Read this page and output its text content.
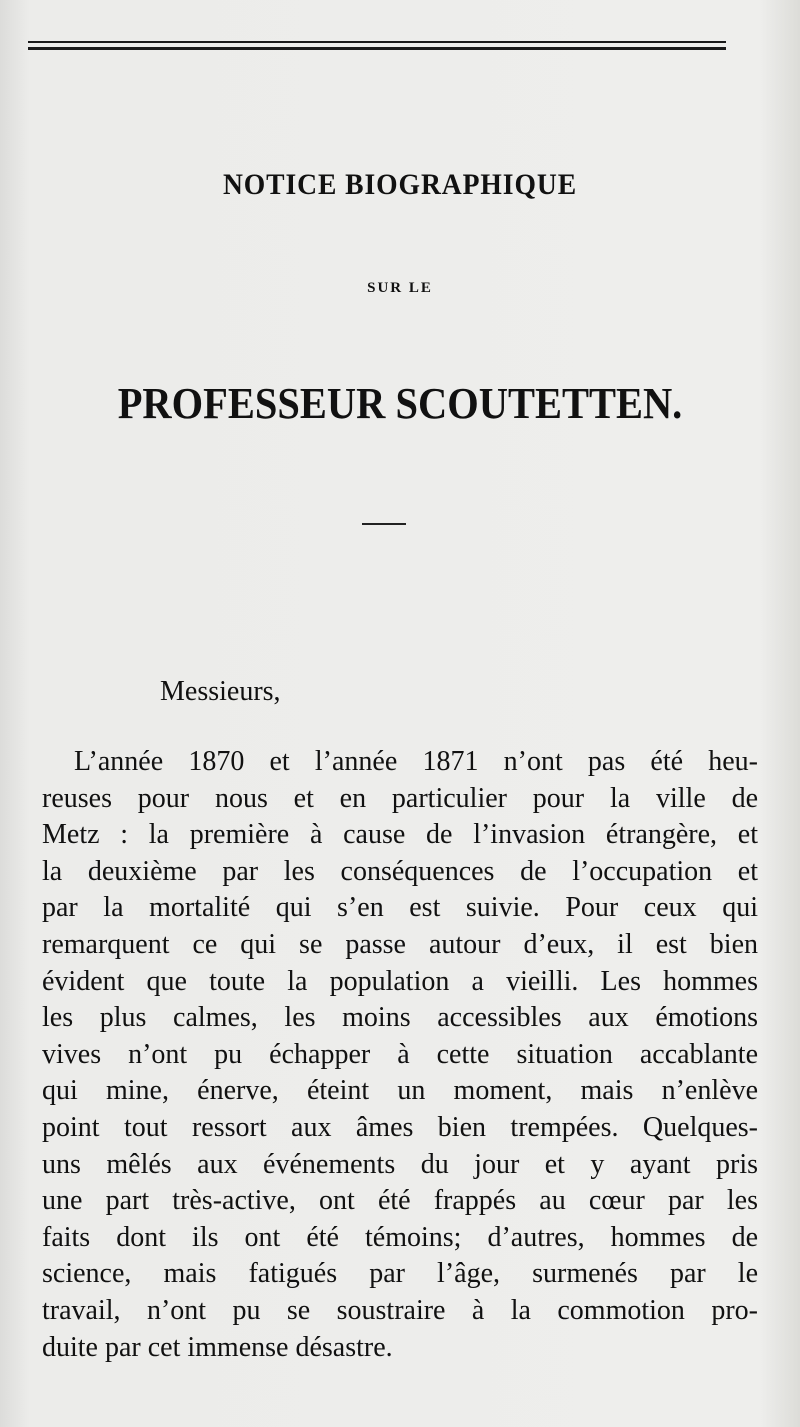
NOTICE BIOGRAPHIQUE
SUR LE
PROFESSEUR SCOUTETTEN.
Messieurs,
L’année 1870 et l’année 1871 n’ont pas été heu-
reuses pour nous et en particulier pour la ville de
Metz : la première à cause de l’invasion étrangère, et
la deuxième par les conséquences de l’occupation et
par la mortalité qui s’en est suivie. Pour ceux qui
remarquent ce qui se passe autour d’eux, il est bien
évident que toute la population a vieilli. Les hommes
les plus calmes, les moins accessibles aux émotions
vives n’ont pu échapper à cette situation accablante
qui mine, énerve, éteint un moment, mais n’enlève
point tout ressort aux âmes bien trempées. Quelques-
uns mêlés aux événements du jour et y ayant pris
une part très-active, ont été frappés au cœur par les
faits dont ils ont été témoins; d’autres, hommes de
science, mais fatigués par l’âge, surmenés par le
travail, n’ont pu se soustraire à la commotion pro-
duite par cet immense désastre.
